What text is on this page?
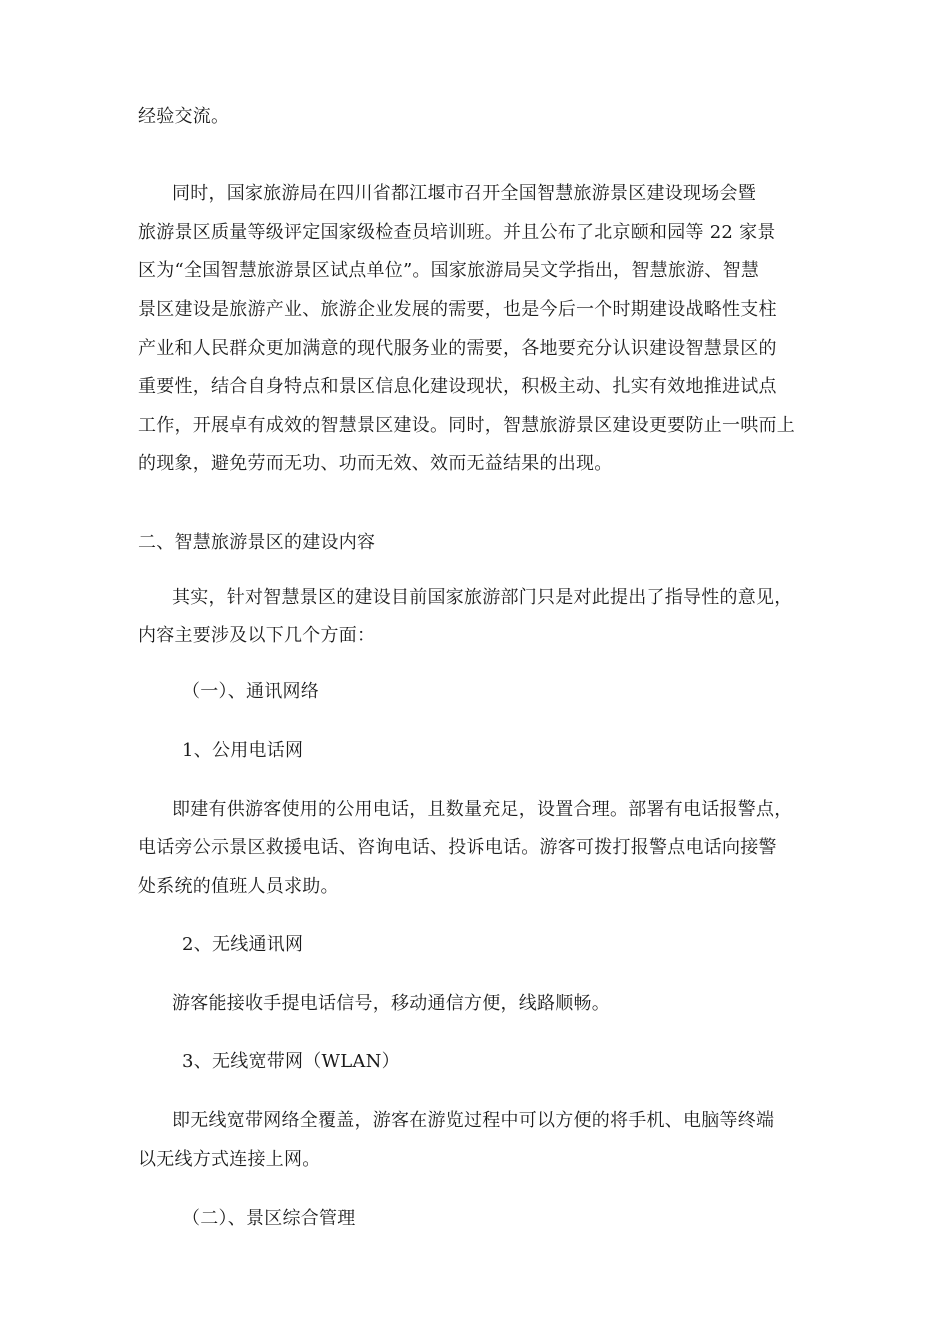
经验交流。
同时，国家旅游局在四川省都江堰市召开全国智慧旅游景区建设现场会暨
旅游景区质量等级评定国家级检查员培训班。并且公布了北京颐和园等 22 家景
区为“全国智慧旅游景区试点单位”。国家旅游局吴文学指出，智慧旅游、智慧
景区建设是旅游产业、旅游企业发展的需要，也是今后一个时期建设战略性支柱
产业和人民群众更加满意的现代服务业的需要，各地要充分认识建设智慧景区的
重要性，结合自身特点和景区信息化建设现状，积极主动、扎实有效地推进试点
工作，开展卓有成效的智慧景区建设。同时，智慧旅游景区建设更要防止一哄而上
的现象，避免劳而无功、功而无效、效而无益结果的出现。
二、智慧旅游景区的建设内容
其实，针对智慧景区的建设目前国家旅游部门只是对此提出了指导性的意见，
内容主要涉及以下几个方面：
（一）、通讯网络
1、公用电话网
即建有供游客使用的公用电话，且数量充足，设置合理。部署有电话报警点，
电话旁公示景区救援电话、咨询电话、投诉电话。游客可拨打报警点电话向接警
处系统的值班人员求助。
2、无线通讯网
游客能接收手提电话信号，移动通信方便，线路顺畅。
3、无线宽带网（WLAN）
即无线宽带网络全覆盖，游客在游览过程中可以方便的将手机、电脑等终端
以无线方式连接上网。
（二）、景区综合管理
